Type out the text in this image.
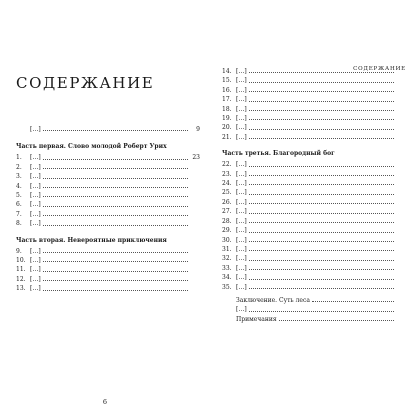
СОДЕРЖАНИЕ
[…]	9
Часть первая. Слово молодой Роберт Урих
1.	[…]	23
2.	[…]
3.	[…]
4.	[…]
5.	[…]
6.	[…]
7.	[…]
8.	[…]
Часть вторая. Невероятные приключения
9.	[…]
10. […]
11. […]
12. […]
13. […]
6
СОДЕРЖАНИЕ
14. […]
15. […]
16. […]
17. […]
18. […]
19. […]
20. […]
21. […]
Часть третья. Благородный бог
22. […]
23. […]
24. […]
25. […]
26. […]
27. […]
28. […]
29. […]
30. […]
31. […]
32. […]
33. […]
34. […]
35. […]
Заключение. Суть леса
[…]
Примечания
